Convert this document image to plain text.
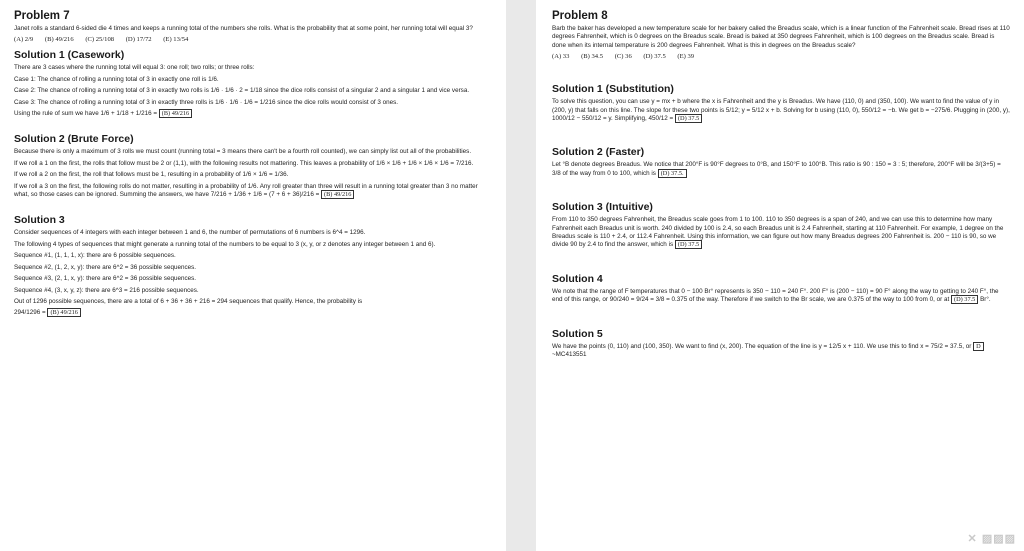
Problem 7

Janet rolls a standard 6-sided die 4 times and keeps a running total of the numbers she rolls. What is the probability that at some point, her running total will equal 3?

(A) 2/9 (B) 49/216 (C) 25/108 (D) 17/72 (E) 13/54
Solution 1 (Casework)

There are 3 cases where the running total will equal 3: one roll; two rolls; or three rolls:

Case 1: The chance of rolling a running total of 3 in exactly one roll is 1/6.

Case 2: The chance of rolling a running total of 3 in exactly two rolls is 1/6 · 1/6 · 2 = 1/18 since the dice rolls consist of a singular 2 and a singular 1 and vice versa.

Case 3: The chance of rolling a running total of 3 in exactly three rolls is 1/6 · 1/6 · 1/6 = 1/216 since the dice rolls would consist of 3 ones.

Using the rule of sum we have 1/6 + 1/18 + 1/216 = (B) 49/216

Solution 2 (Brute Force)

Because there is only a maximum of 3 rolls we must count (running total = 3 means there can't be a fourth roll counted), we can simply list out all of the probabilities.

If we roll a 1 on the first, the rolls that follow must be 2 or (1,1), with the following results not mattering. This leaves a probability of 1/6 × 1/6 + 1/6 × 1/6 × 1/6 = 7/216.

If we roll a 2 on the first, the roll that follows must be 1, resulting in a probability of 1/6 × 1/6 = 1/36.

If we roll a 3 on the first, the following rolls do not matter, resulting in a probability of 1/6. Any roll greater than three will result in a running total greater than 3 no matter what, so those cases can be ignored. Summing the answers, we have 7/216 + 1/36 + 1/6 = (7 + 6 + 36)/216 = (B) 49/216

Solution 3

Consider sequences of 4 integers with each integer between 1 and 6, the number of permutations of 6 numbers is 6^4 = 1296.

The following 4 types of sequences that might generate a running total of the numbers to be equal to 3 (x, y, or z denotes any integer between 1 and 6).

Sequence #1, (1, 1, 1, x): there are 6 possible sequences.

Sequence #2, (1, 2, x, y): there are 6^2 = 36 possible sequences.

Sequence #3, (2, 1, x, y): there are 6^2 = 36 possible sequences.

Sequence #4, (3, x, y, z): there are 6^3 = 216 possible sequences.

Out of 1296 possible sequences, there are a total of 6 + 36 + 36 + 216 = 294 sequences that qualify. Hence, the probability is

294/1296 = (B) 49/216

Problem 8

Barb the baker has developed a new temperature scale for her bakery called the Breadus scale, which is a linear function of the Fahrenheit scale. Bread rises at 110 degrees Fahrenheit, which is 0 degrees on the Breadus scale. Bread is baked at 350 degrees Fahrenheit, which is 100 degrees on the Breadus scale. Bread is done when its internal temperature is 200 degrees Fahrenheit. What is this in degrees on the Breadus scale?

(A) 33 (B) 34.5 (C) 36 (D) 37.5 (E) 39
Solution 1 (Substitution)

To solve this question, you can use y = mx + b where the x is Fahrenheit and the y is Breadus. We have (110, 0) and (350, 100). We want to find the value of y in (200, y) that falls on this line. The slope for these two points is 5/12; y = 5/12 x + b. Solving for b using (110, 0), 550/12 = −b. We get b = −275/6. Plugging in (200, y), 1000/12 − 550/12 = y. Simplifying, 450/12 = (D) 37.5

Solution 2 (Faster)

Let °B denote degrees Breadus. We notice that 200°F is 90°F degrees to 0°B, and 150°F to 100°B. This ratio is 90 : 150 = 3 : 5; therefore, 200°F will be 3/(3+5) = 3/8 of the way from 0 to 100, which is (D) 37.5.

Solution 3 (Intuitive)

From 110 to 350 degrees Fahrenheit, the Breadus scale goes from 1 to 100. 110 to 350 degrees is a span of 240, and we can use this to determine how many Fahrenheit each Breadus unit is worth. 240 divided by 100 is 2.4, so each Breadus unit is 2.4 Fahrenheit, starting at 110 Fahrenheit. For example, 1 degree on the Breadus scale is 110 + 2.4, or 112.4 Fahrenheit. Using this information, we can figure out how many Breadus degrees 200 Fahrenheit is. 200 − 110 is 90, so we divide 90 by 2.4 to find the answer, which is (D) 37.5

Solution 4

We note that the range of F temperatures that 0 − 100 Br° represents is 350 − 110 = 240 F°. 200 F° is (200 − 110) = 90 F° along the way to getting to 240 F°, the end of this range, or 90/240 = 9/24 = 3/8 = 0.375 of the way. Therefore if we switch to the Br scale, we are 0.375 of the way to 100 from 0, or at (D) 37.5 Br°.

Solution 5

We have the points (0, 110) and (100, 350). We want to find (x, 200). The equation of the line is y = 12/5 x + 110. We use this to find x = 75/2 = 37.5, or D ~MC413551

✕ ▨▨▨
